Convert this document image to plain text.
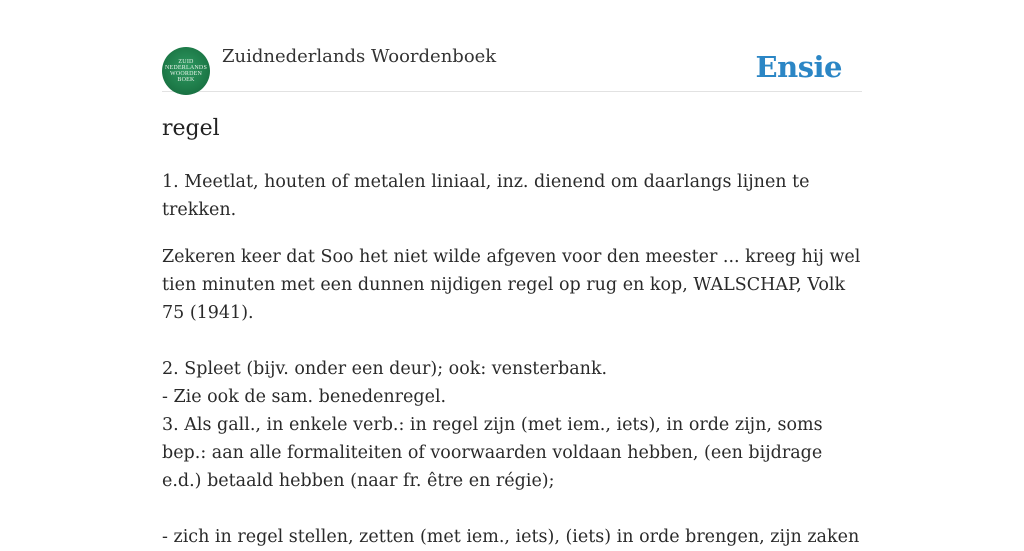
ZUID
NEDERLANDS
WOORDEN
BOEK
Zuidnederlands Woordenboek	Ensie
regel

1. Meetlat, houten of metalen liniaal, inz. dienend om daarlangs lijnen te trekken.

Zekeren keer dat Soo het niet wilde afgeven voor den meester ... kreeg hij wel tien minuten met een dunnen nijdigen regel op rug en kop, WALSCHAP, Volk 75 (1941).

2. Spleet (bijv. onder een deur); ook: vensterbank.

- Zie ook de sam. benedenregel.

3. Als gall., in enkele verb.: in regel zijn (met iem., iets), in orde zijn, soms bep.: aan alle formaliteiten of voorwaarden voldaan hebben, (een bijdrage e.d.) betaald hebben (naar fr. être en régie);

- zich in regel stellen, zetten (met iem., iets), (iets) in orde brengen, zijn zaken
